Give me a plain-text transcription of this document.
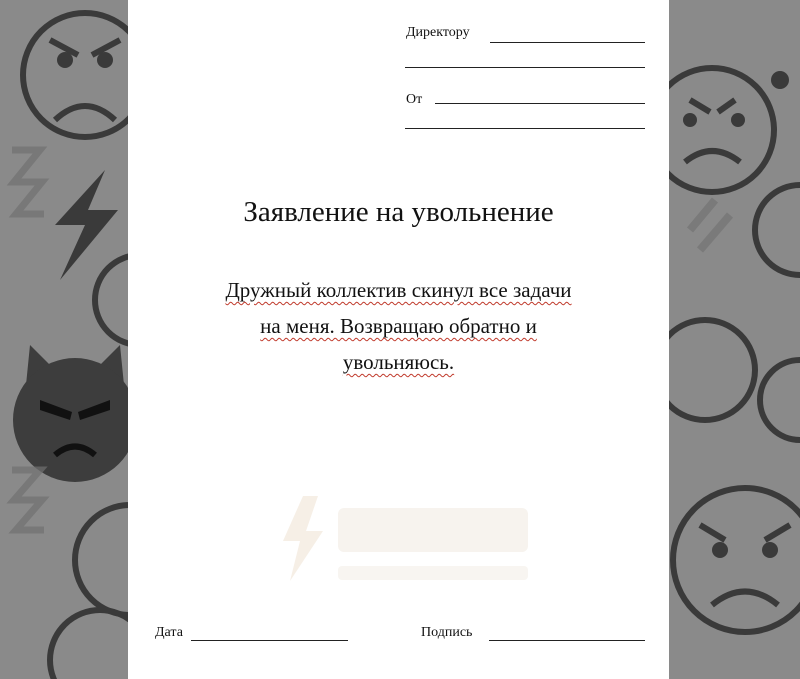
Директору
От
Заявление на увольнение
Дружный коллектив скинул все задачи
на меня. Возвращаю обратно и
увольняюсь.
Дата	Подпись
